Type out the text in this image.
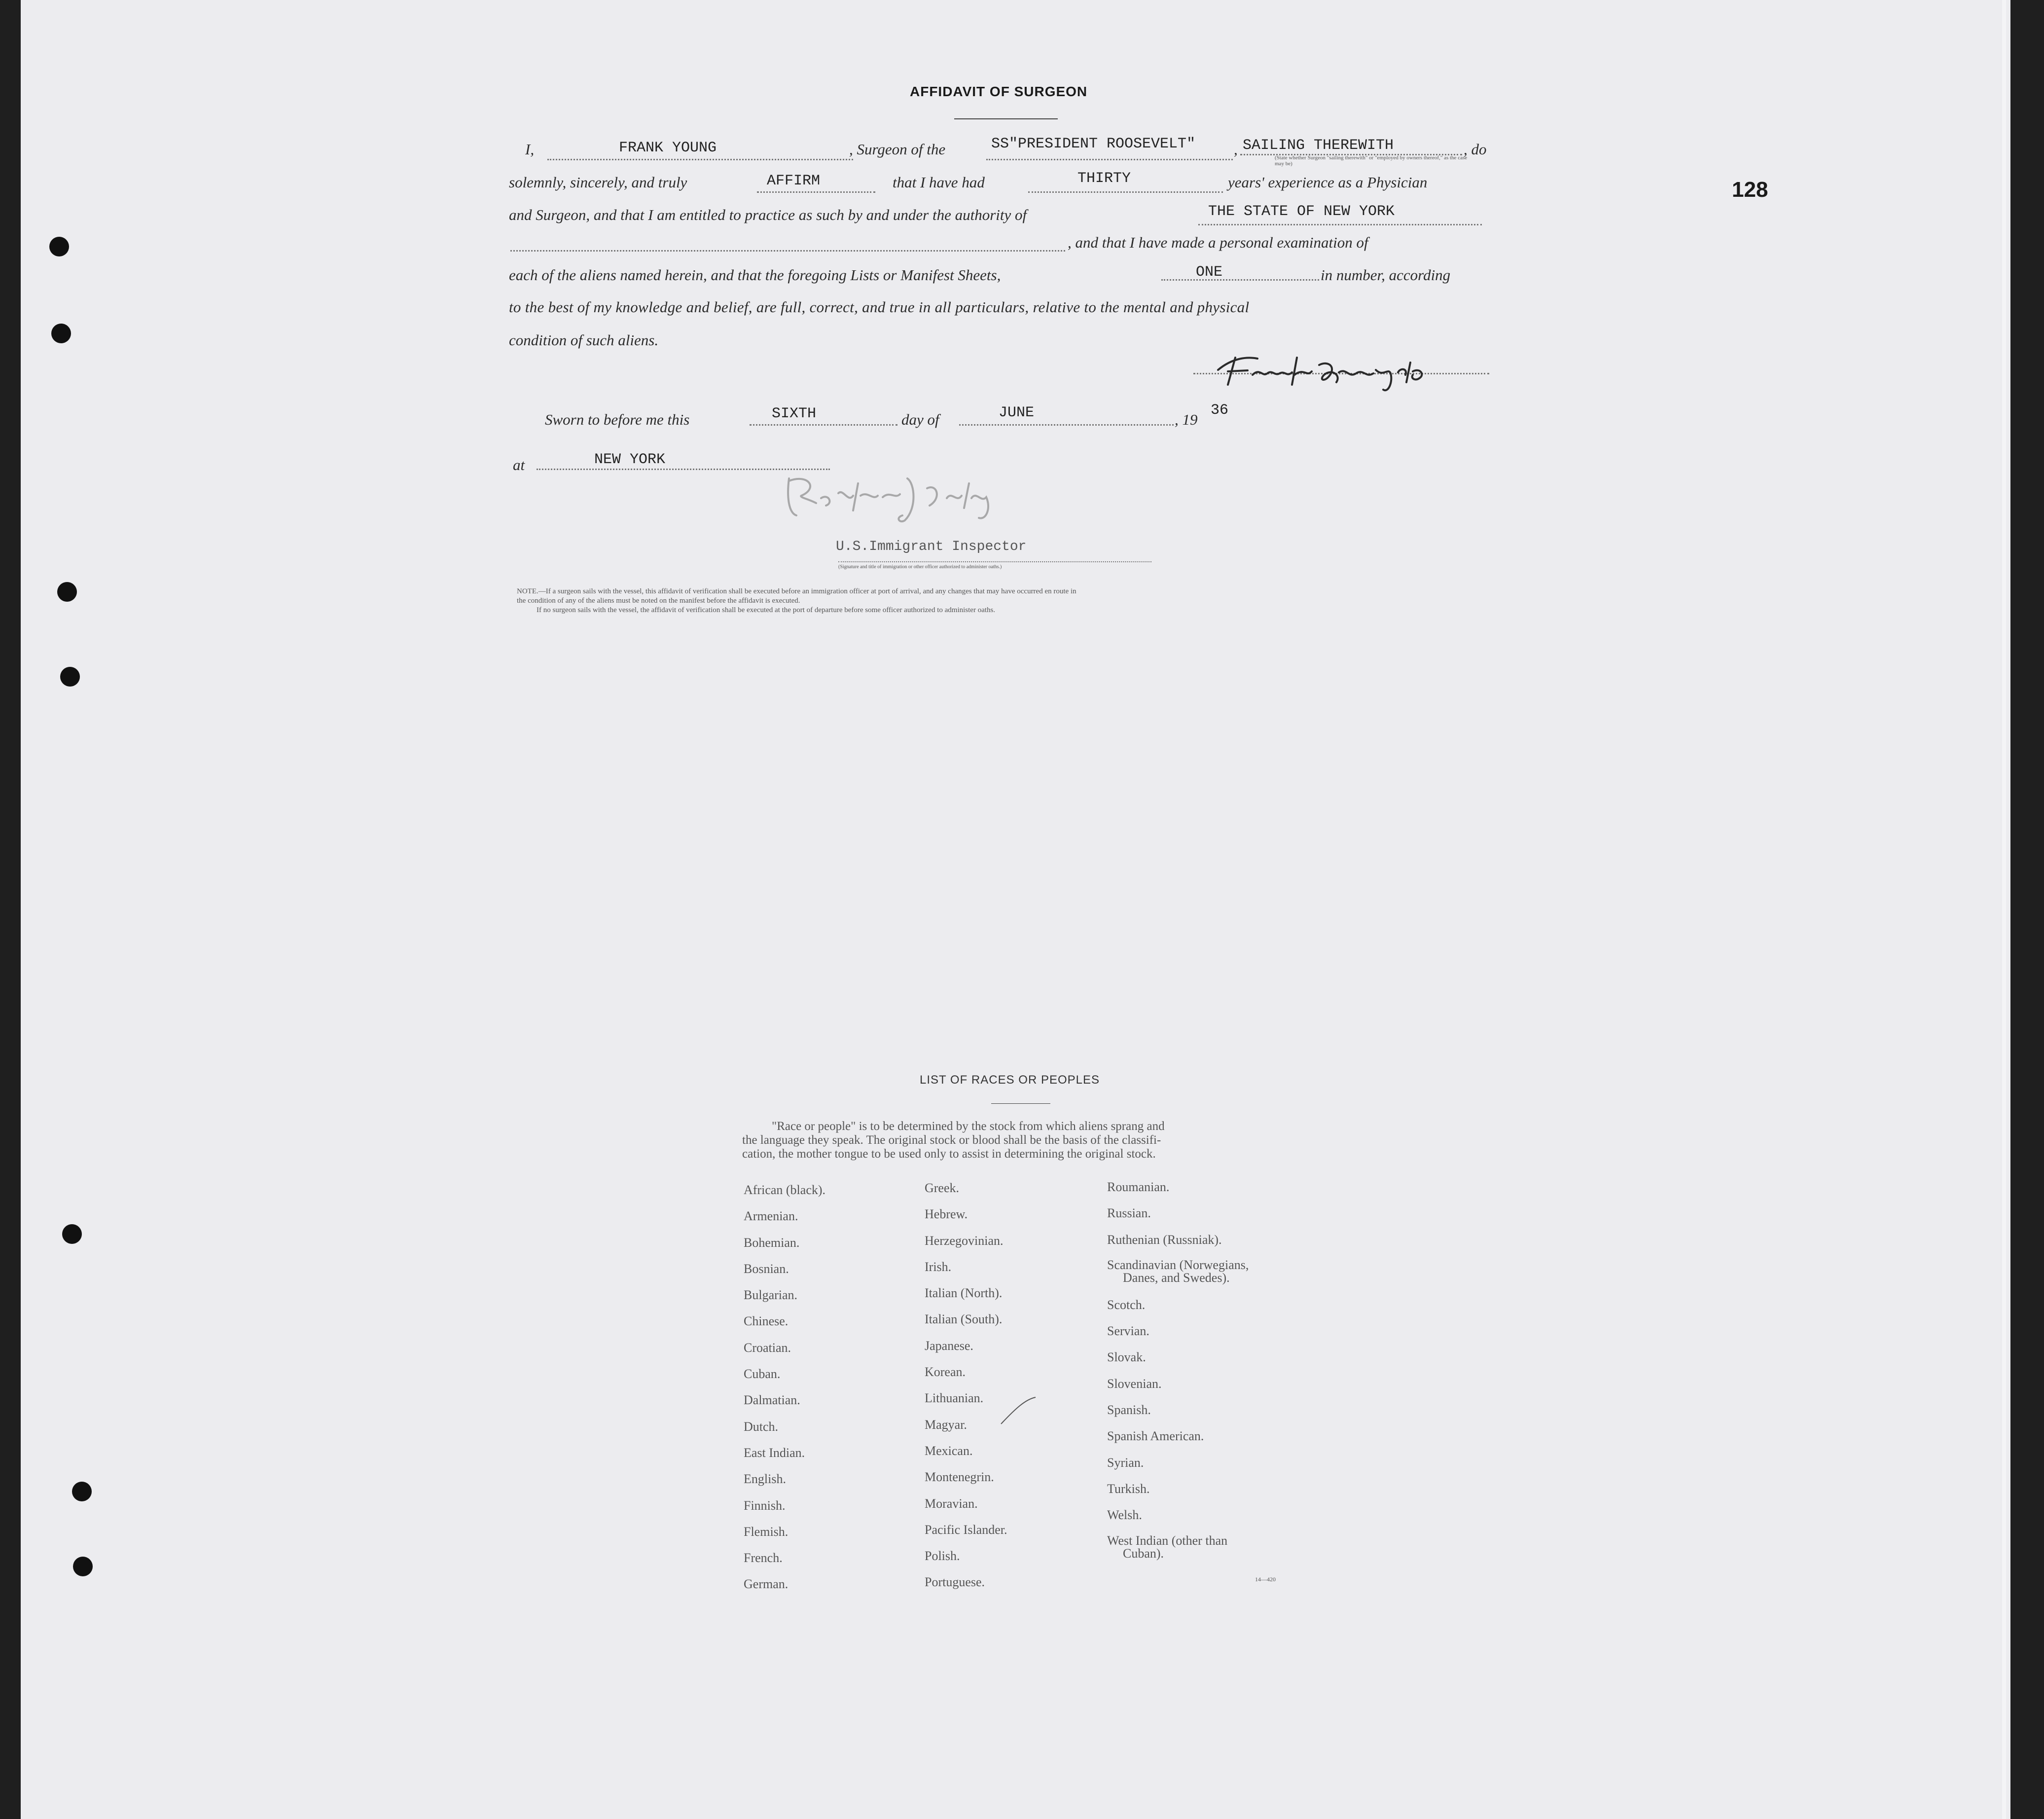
128
AFFIDAVIT OF SURGEON
I,	FRANK YOUNG	, Surgeon of the	SS"PRESIDENT ROOSEVELT"	, SAILING THEREWITH	, do
(State whether Surgeon "sailing therewith" or "employed by owners thereof," as the case may be)
solemnly, sincerely, and truly	AFFIRM	that I have had	THIRTY	years' experience as a Physician
and Surgeon, and that I am entitled to practice as such by and under the authority of	THE STATE OF NEW YORK
, and that I have made a personal examination of
each of the aliens named herein, and that the foregoing Lists or Manifest Sheets,	ONE	in number, according
to the best of my knowledge and belief, are full, correct, and true in all particulars, relative to the mental and physical
condition of such aliens.	Frank G. Young M.D.
Sworn to before me this	SIXTH	day of	JUNE	, 19
36
at	NEW YORK
Herbert J. Conley
U.S.Immigrant Inspector
(Signature and title of immigration or other officer authorized to administer oaths.)
NOTE.—If a surgeon sails with the vessel, this affidavit of verification shall be executed before an immigration officer at port of arrival, and any changes that may have occurred en route in
the condition of any of the aliens must be noted on the manifest before the affidavit is executed.
If no surgeon sails with the vessel, the affidavit of verification shall be executed at the port of departure before some officer authorized to administer oaths.
LIST OF RACES OR PEOPLES
"Race or people" is to be determined by the stock from which aliens sprang and
the language they speak. The original stock or blood shall be the basis of the classifi-
cation, the mother tongue to be used only to assist in determining the original stock.
African (black).
Armenian.
Bohemian.
Bosnian.
Bulgarian.
Chinese.
Croatian.
Cuban.
Dalmatian.
Dutch.
East Indian.
English.
Finnish.
Flemish.
French.
German.
Greek.
Hebrew.
Herzegovinian.
Irish.
Italian (North).
Italian (South).
Japanese.
Korean.
Lithuanian.
Magyar.
Mexican.
Montenegrin.
Moravian.
Pacific Islander.
Polish.
Portuguese.
Roumanian.
Russian.
Ruthenian (Russniak).
Scandinavian (Norwegians,
Danes, and Swedes).
Scotch.
Servian.
Slovak.
Slovenian.
Spanish.
Spanish American.
Syrian.
Turkish.
Welsh.
West Indian (other than
Cuban).
14—420
